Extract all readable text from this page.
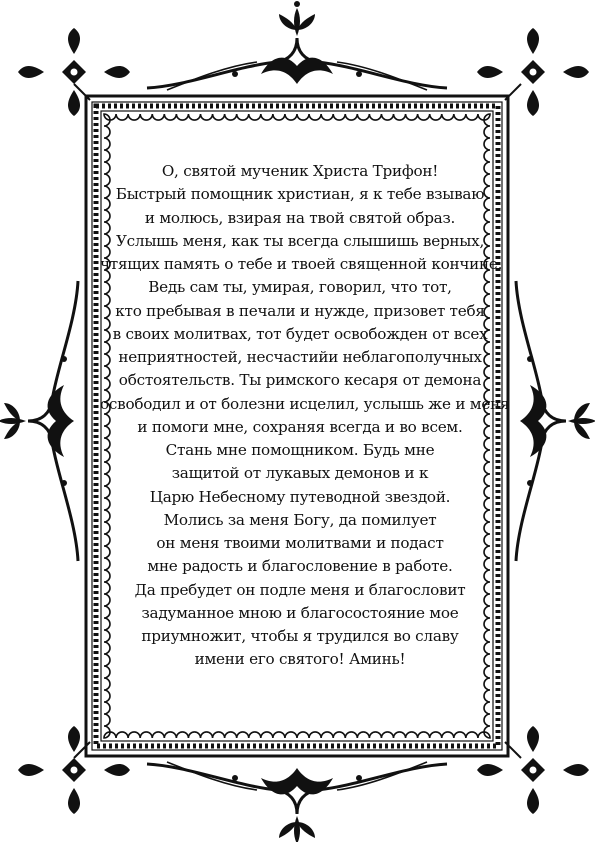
О, святой мученик Христа Трифон!
Быстрый помощник христиан, я к тебе взываю
и молюсь, взирая на твой святой образ.
Услышь меня, как ты всегда слышишь верных,
чтящих память о тебе и твоей священной кончине.
Ведь сам ты, умирая, говорил, что тот,
кто пребывая в печали и нужде, призовет тебя
в своих молитвах, тот будет освобожден от всех
неприятностей, несчастийи неблагополучных
обстоятельств. Ты римского кесаря от демона
освободил и от болезни исцелил, услышь же и меня
и помоги мне, сохраняя всегда и во всем.
Стань мне помощником. Будь мне
защитой от лукавых демонов и к
Царю Небесному путеводной звездой.
Молись за меня Богу, да помилует
он меня твоими молитвами и подаст
мне радость и благословение в работе.
Да пребудет он подле меня и благословит
задуманное мною и благосостояние мое
приумножит, чтобы я трудился во славу
имени его святого! Аминь!
